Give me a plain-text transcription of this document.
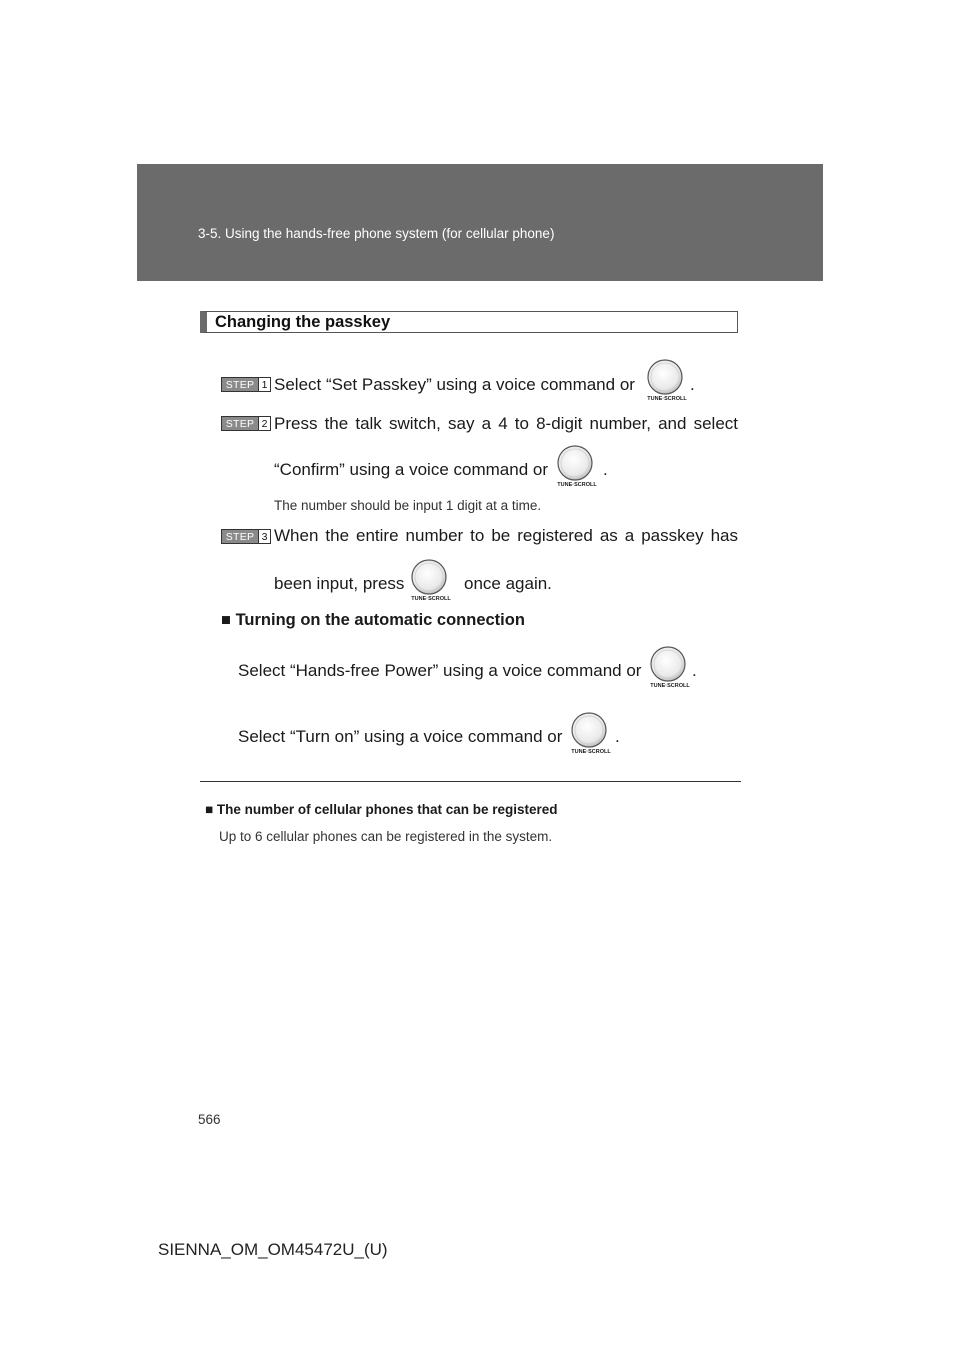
3-5. Using the hands-free phone system (for cellular phone)
Changing the passkey
STEP 1 Select “Set Passkey” using a voice command or
TUNE·SCROLL
.
STEP 2 Press the talk switch, say a 4 to 8-digit number, and select
“Confirm” using a voice command or
TUNE·SCROLL
.
The number should be input 1 digit at a time.
STEP 3 When the entire number to be registered as a passkey has
been input, press
TUNE·SCROLL
once again.
■ Turning on the automatic connection
Select “Hands-free Power” using a voice command or
TUNE·SCROLL
.
Select “Turn on” using a voice command or
TUNE·SCROLL
.
■ The number of cellular phones that can be registered
Up to 6 cellular phones can be registered in the system.
566
SIENNA_OM_OM45472U_(U)
